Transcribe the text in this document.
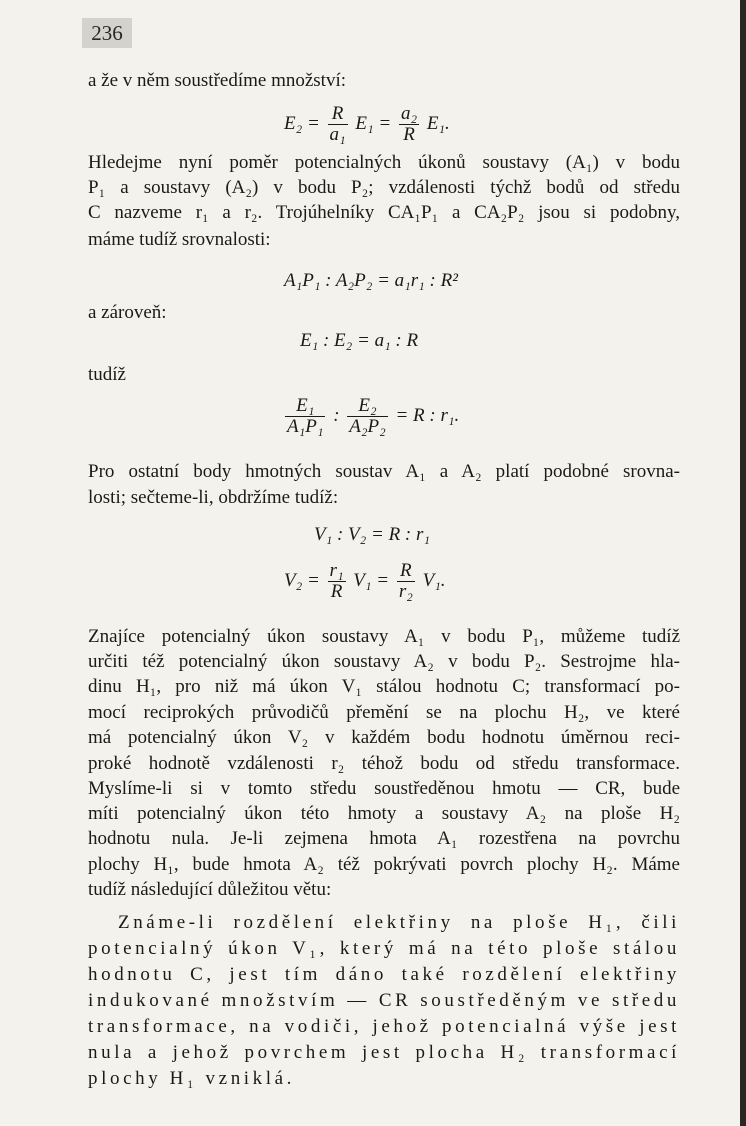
236

a že v něm soustředíme množství:

$E_2 = \frac{R}{\text{a₁}} E_1 = \frac{\text{a₂}}{R} E_1$.

Hledejme nyní poměr potencialných úkonů soustavy (A₁) v bodu

P₁ a soustavy (A₂) v bodu P₂; vzdálenosti týchž bodů od středu

C nazveme r₁ a r₂. Trojúhelníky CA₁P₁ a CA₂P₂ jsou si podobny,

máme tudíž srovnalosti:

A₁P₁ : A₂P₂ = a₁r₁ : R²

a zároveň:

E₁ : E₂ = a₁ : R

tudíž

$\frac{\text{E₁}}{\text{A₁P₁}}$ : $\frac{\text{E₂}}{\text{A₂P₂}} = R$ : r₁.

Pro ostatní body hmotných soustav A₁ a A₂ platí podobné srovna-

losti; sečteme-li, obdržíme tudíž:

V₁ : V₂ = R : r₁
$V_2 = \frac{\text{r₁}}{R} V_1 = \frac{R}{\text{r₂}} V_1$.

Znajíce potencialný úkon soustavy A₁ v bodu P₁, můžeme tudíž

určiti též potencialný úkon soustavy A₂ v bodu P₂. Sestrojme hla-

dinu H₁, pro niž má úkon V₁ stálou hodnotu C; transformací po-

mocí reciprokých průvodičů přemění se na plochu H₂, ve které

má potencialný úkon V₂ v každém bodu hodnotu úměrnou reci-

proké hodnotě vzdálenosti r₂ téhož bodu od středu transformace.

Myslíme-li si v tomto středu soustředěnou hmotu — CR, bude

míti potencialný úkon této hmoty a soustavy A₂ na ploše H₂

hodnotu nula. Je-li zejmena hmota A₁ rozestřena na povrchu

plochy H₁, bude hmota A₂ též pokrývati povrch plochy H₂. Máme

tudíž následující důležitou větu:

Známe-li rozdělení elektřiny na ploše H₁, čili

potencialný úkon V₁, který má na této ploše stálou

hodnotu C, jest tím dáno také rozdělení elektřiny

indukované množstvím — CR soustředěným ve středu

transformace, na vodiči, jehož potencialná výše jest

nula a jehož povrchem jest plocha H₂ transformací

plochy H₁ vzniklá.
